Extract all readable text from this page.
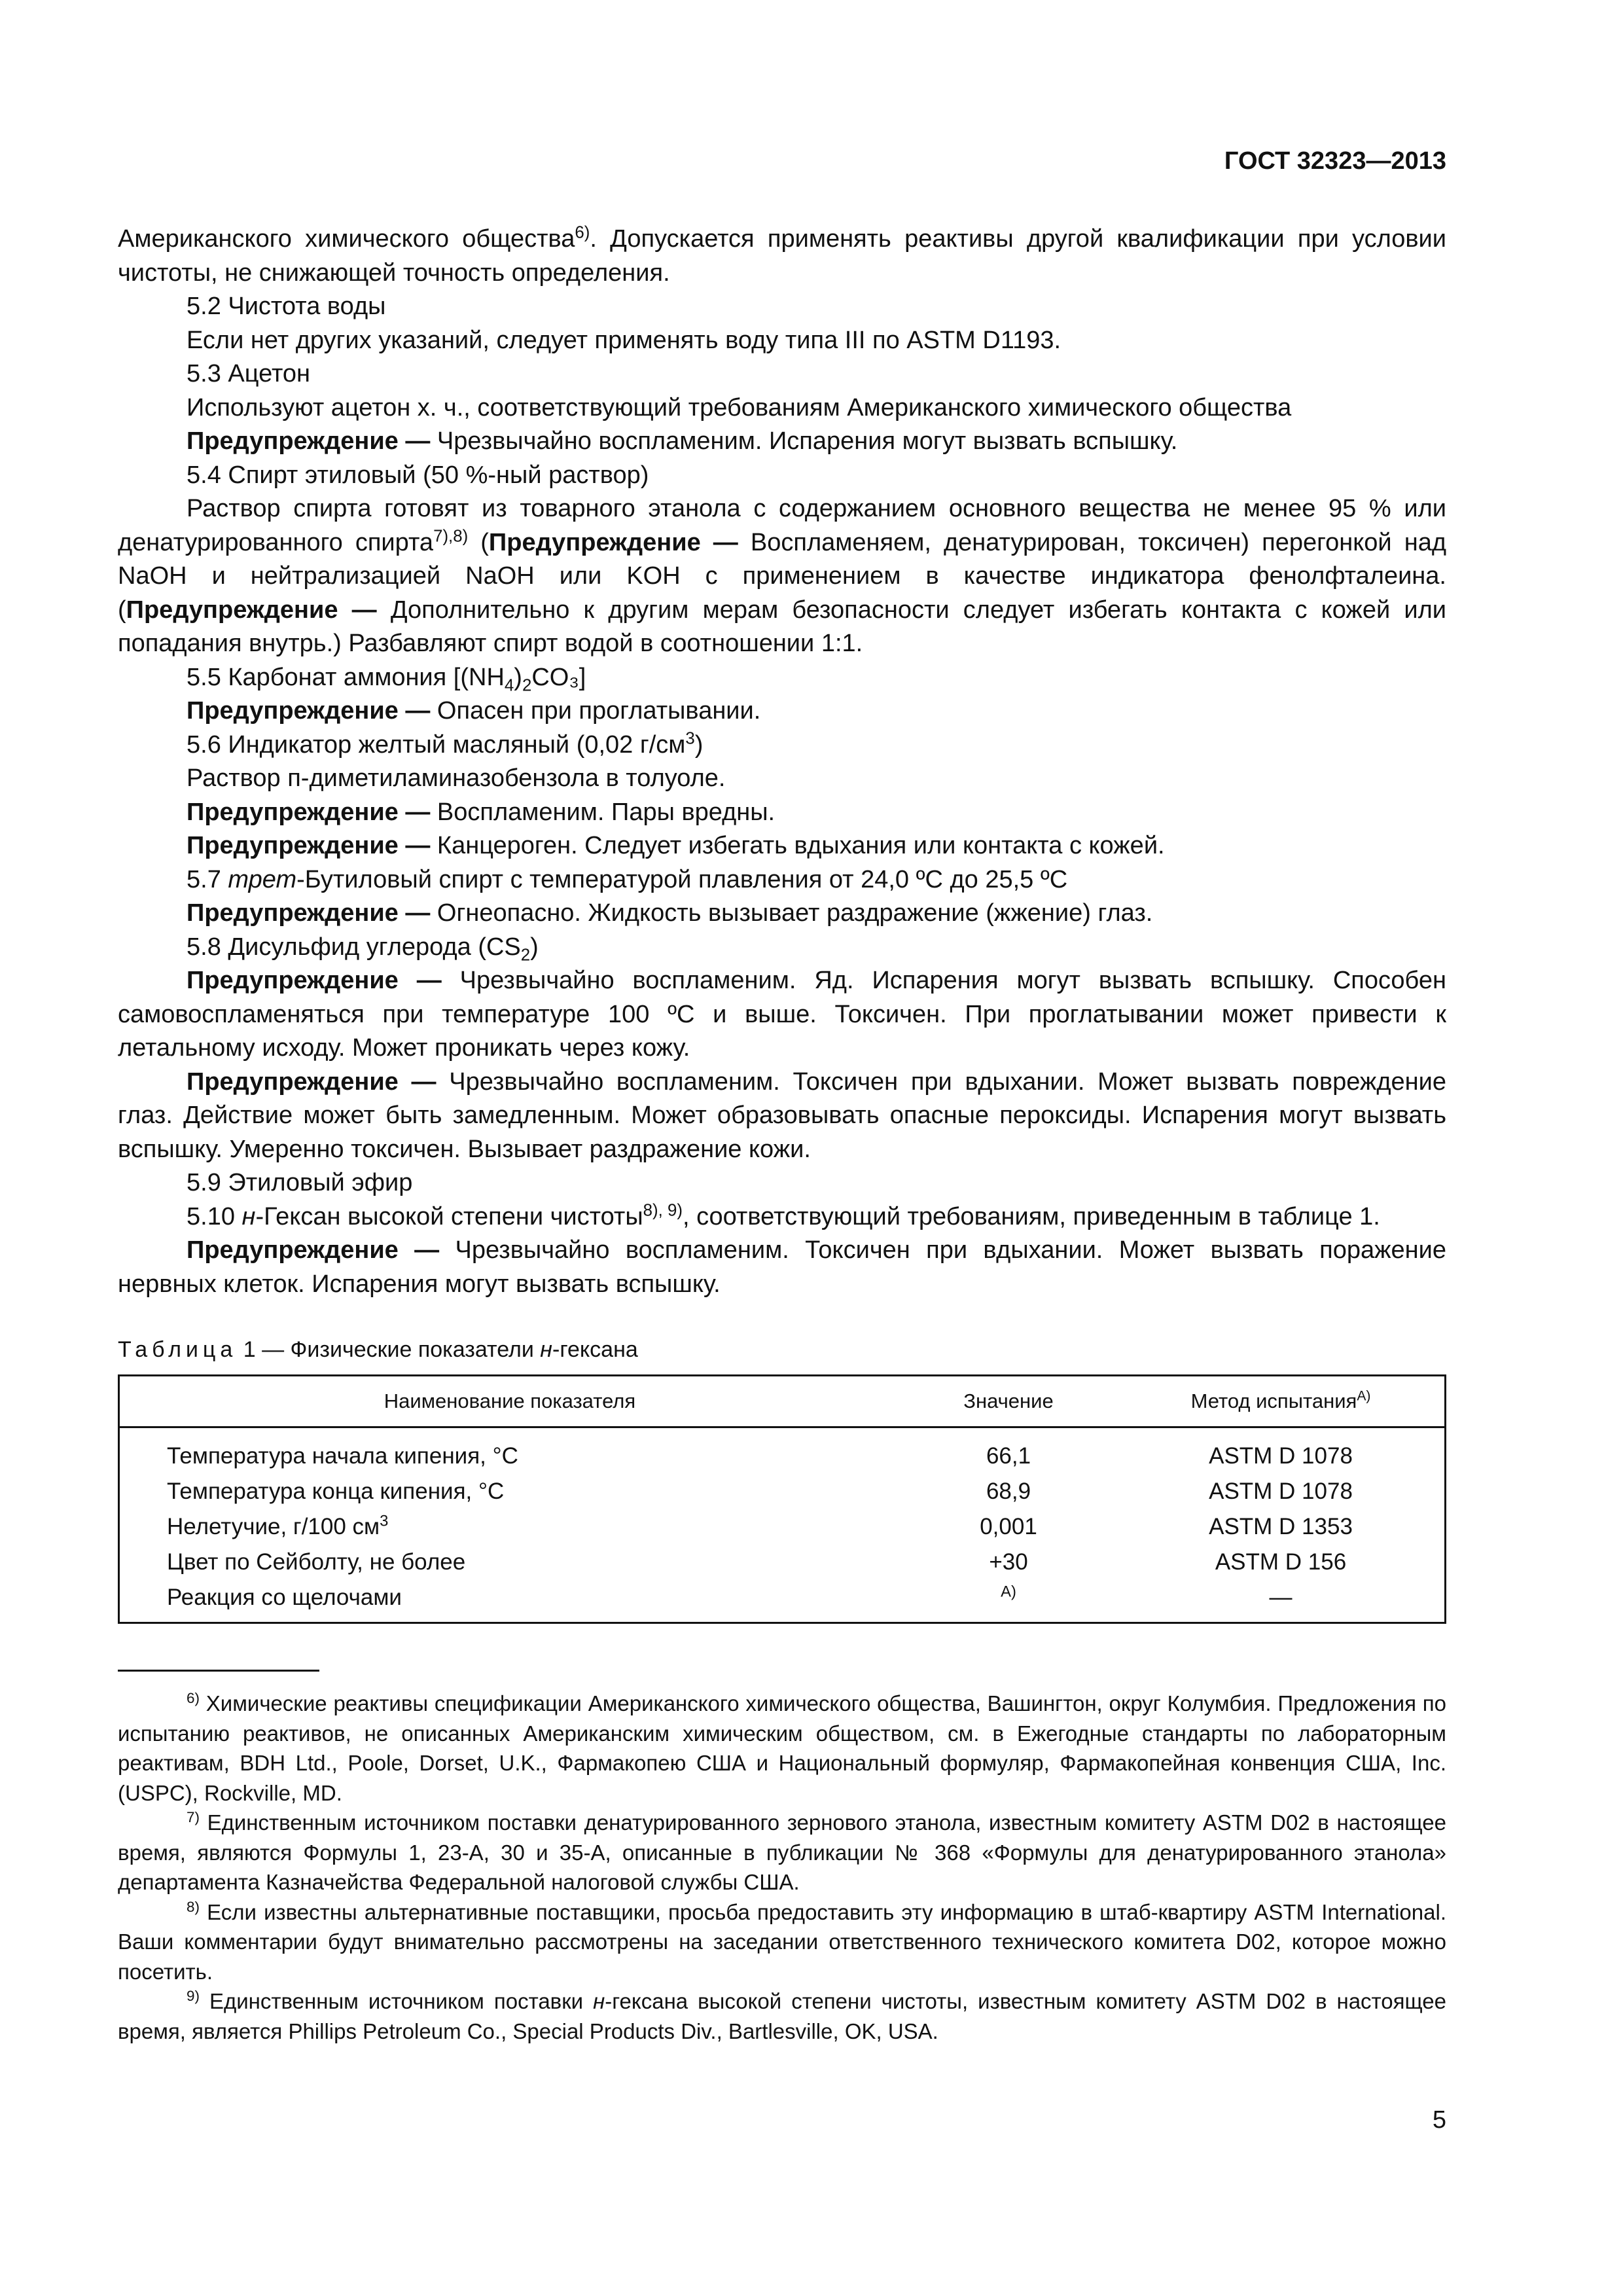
ГОСТ 32323—2013

Американского химического общества$^{6)}$. Допускается применять реактивы другой квалификации при условии чистоты, не снижающей точность определения.

5.2 Чистота воды

Если нет других указаний, следует применять воду типа III по ASTM D1193.

5.3 Ацетон

Используют ацетон х. ч., соответствующий требованиям Американского химического общества

Предупреждение — Чрезвычайно воспламеним. Испарения могут вызвать вспышку.

5.4 Спирт этиловый (50 %-ный раствор)

Раствор спирта готовят из товарного этанола с содержанием основного вещества не менее 95 % или денатурированного спирта$^{7),8)}$ (Предупреждение — Воспламеняем, денатурирован, токсичен) перегонкой над NaOH и нейтрализацией NaOH или KOH с применением в качестве индикатора фенолфталеина. (Предупреждение — Дополнительно к другим мерам безопасности следует избегать контакта с кожей или попадания внутрь.) Разбавляют спирт водой в соотношении 1:1.

5.5 Карбонат аммония $[(NH_4)_2CO_3]$

Предупреждение — Опасен при проглатывании.

5.6 Индикатор желтый масляный (0,02 $г/см^3$)

Раствор п-диметиламиназобензола в толуоле.

Предупреждение — Воспламеним. Пары вредны.

Предупреждение — Канцероген. Следует избегать вдыхания или контакта с кожей.

5.7 трет-Бутиловый спирт с температурой плавления от 24,0 ºС до 25,5 ºС

Предупреждение — Огнеопасно. Жидкость вызывает раздражение (жжение) глаз.

5.8 Дисульфид углерода $(CS_2)$

Предупреждение — Чрезвычайно воспламеним. Яд. Испарения могут вызвать вспышку. Способен самовоспламеняться при температуре 100 ºС и выше. Токсичен. При проглатывании может привести к летальному исходу. Может проникать через кожу.

Предупреждение — Чрезвычайно воспламеним. Токсичен при вдыхании. Может вызвать повреждение глаз. Действие может быть замедленным. Может образовывать опасные пероксиды. Испарения могут вызвать вспышку. Умеренно токсичен. Вызывает раздражение кожи.

5.9 Этиловый эфир

5.10 н-Гексан высокой степени чистоты$^{8), 9)}$, соответствующий требованиям, приведенным в таблице 1.

Предупреждение — Чрезвычайно воспламеним. Токсичен при вдыхании. Может вызвать поражение нервных клеток. Испарения могут вызвать вспышку.

Таблица 1 — Физические показатели н-гексана
Наименование показателя	Значение	Метод испытания$^{A)}$
Температура начала кипения, °С	66,1	ASTM D 1078
Температура конца кипения, °С	68,9	ASTM D 1078
Нелетучие, г/100 $см^3$	0,001	ASTM D 1353
Цвет по Сейболту, не более	+30	ASTM D 156
Реакция со щелочами	$^{A)}$	—

$^{6)}$ Химические реактивы спецификации Американского химического общества, Вашингтон, округ Колумбия. Предложения по испытанию реактивов, не описанных Американским химическим обществом, см. в Ежегодные стандарты по лабораторным реактивам, BDH Ltd., Poole, Dorset, U.K., Фармакопею США и Национальный формуляр, Фармакопейная конвенция США, Inc. (USPC), Rockville, MD.

$^{7)}$ Единственным источником поставки денатурированного зернового этанола, известным комитету ASTM D02 в настоящее время, являются Формулы 1, 23-А, 30 и 35-А, описанные в публикации № 368 «Формулы для денатурированного этанола» департамента Казначейства Федеральной налоговой службы США.

$^{8)}$ Если известны альтернативные поставщики, просьба предоставить эту информацию в штаб-квартиру ASTM International. Ваши комментарии будут внимательно рассмотрены на заседании ответственного технического комитета D02, которое можно посетить.

$^{9)}$ Единственным источником поставки н-гексана высокой степени чистоты, известным комитету ASTM D02 в настоящее время, является Phillips Petroleum Co., Special Products Div., Bartlesville, OK, USA.

5
